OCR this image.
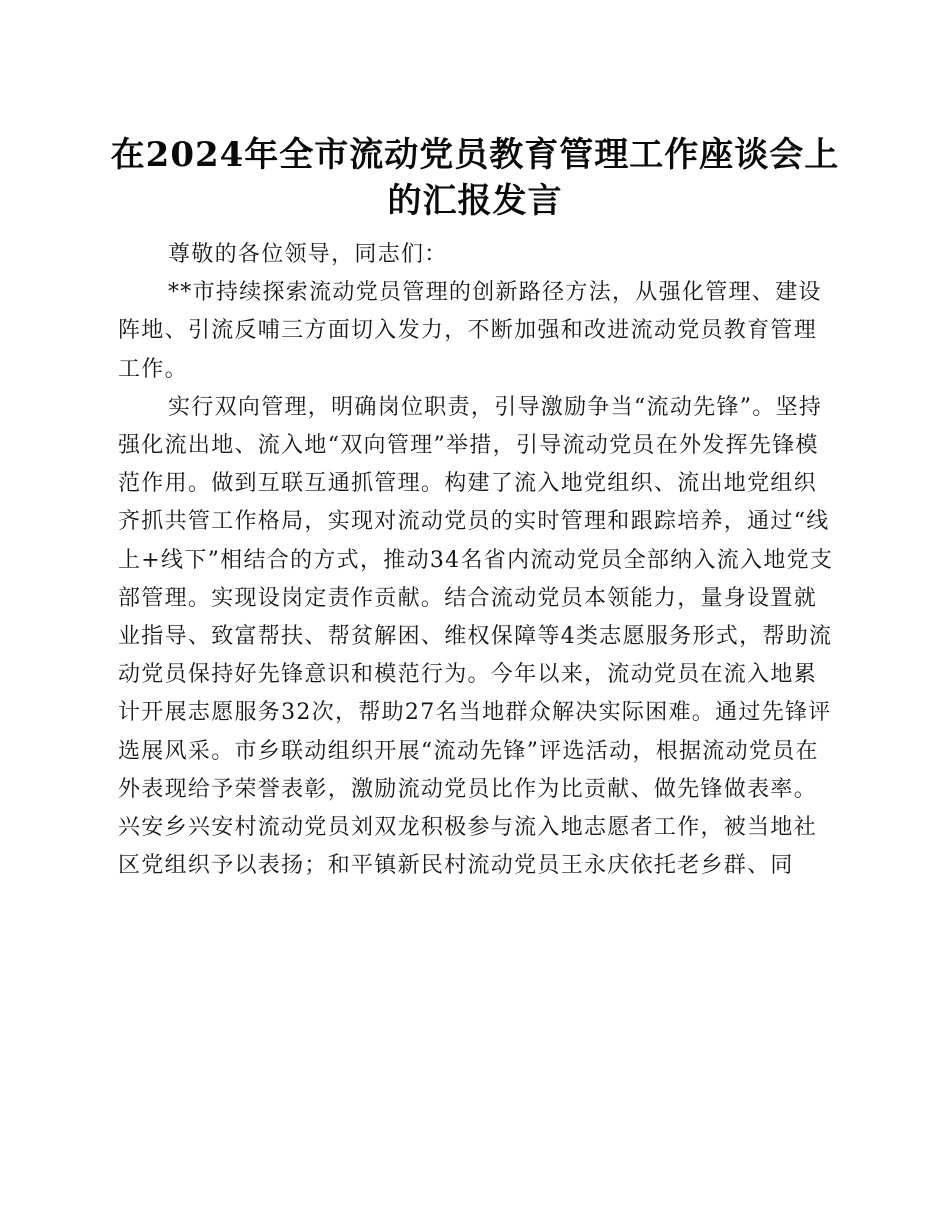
在2024年全市流动党员教育管理工作座谈会上的汇报发言

尊敬的各位领导，同志们：

**市持续探索流动党员管理的创新路径方法，从强化管理、建设阵地、引流反哺三方面切入发力，不断加强和改进流动党员教育管理工作。

实行双向管理，明确岗位职责，引导激励争当“流动先锋”。坚持强化流出地、流入地“双向管理”举措，引导流动党员在外发挥先锋模范作用。做到互联互通抓管理。构建了流入地党组织、流出地党组织齐抓共管工作格局，实现对流动党员的实时管理和跟踪培养，通过“线上+线下”相结合的方式，推动34名省内流动党员全部纳入流入地党支部管理。实现设岗定责作贡献。结合流动党员本领能力，量身设置就业指导、致富帮扶、帮贫解困、维权保障等4类志愿服务形式，帮助流动党员保持好先锋意识和模范行为。今年以来，流动党员在流入地累计开展志愿服务32次，帮助27名当地群众解决实际困难。通过先锋评选展风采。市乡联动组织开展“流动先锋”评选活动，根据流动党员在外表现给予荣誉表彰，激励流动党员比作为比贡献、做先锋做表率。兴安乡兴安村流动党员刘双龙积极参与流入地志愿者工作，被当地社区党组织予以表扬；和平镇新民村流动党员王永庆依托老乡群、同
